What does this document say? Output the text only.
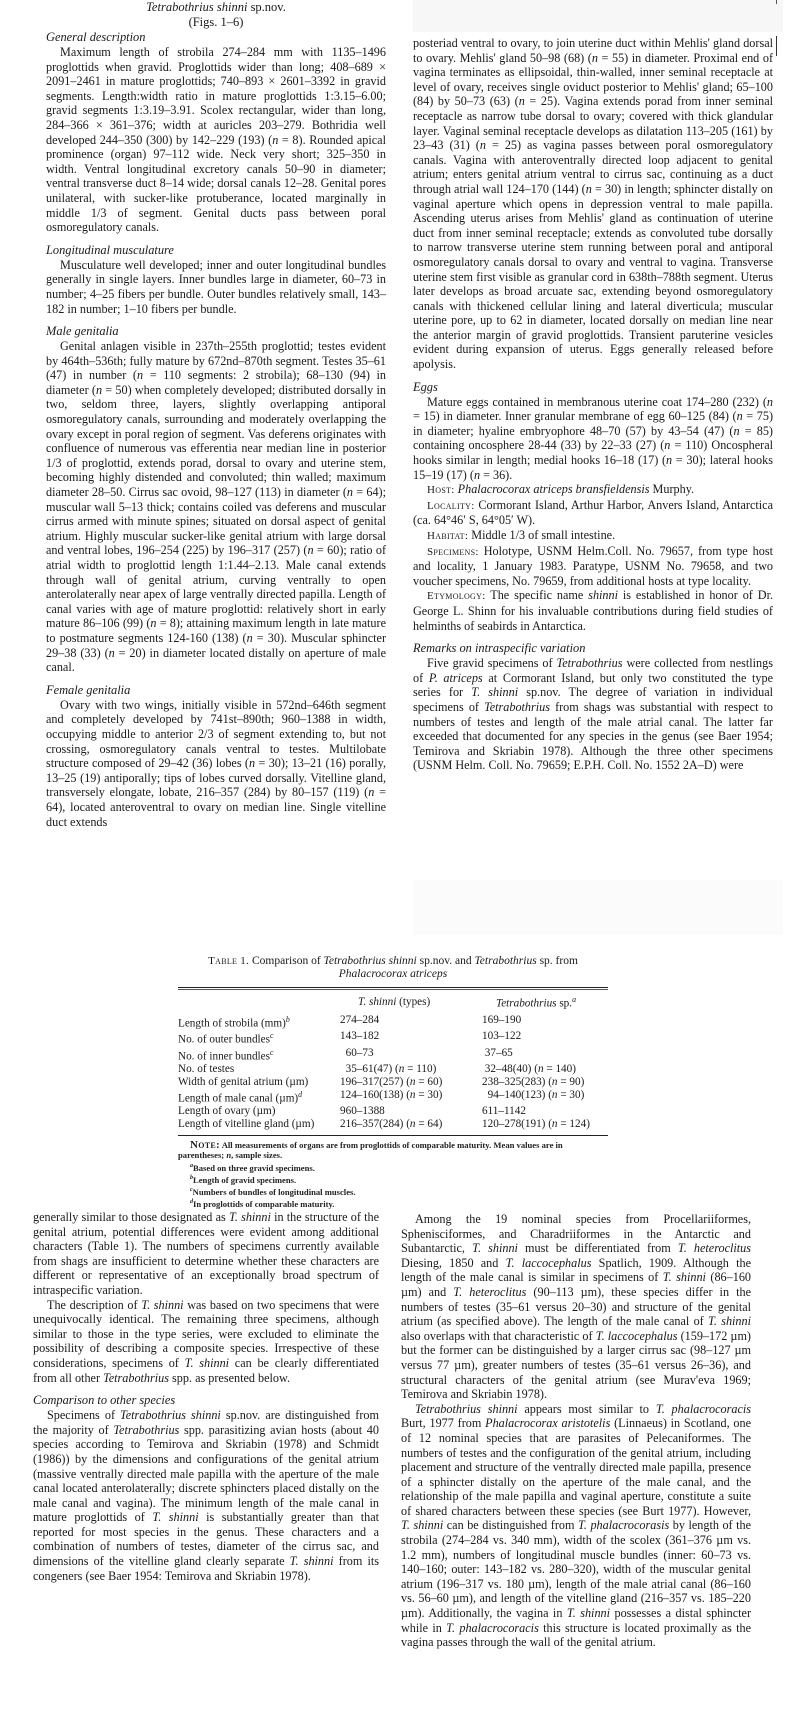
Tetrabothrius shinni sp.nov.
(Figs. 1–6)

General description

Maximum length of strobila 274–284 mm with 1135–1496 proglottids when gravid. Proglottids wider than long; 408–689 × 2091–2461 in mature proglottids; 740–893 × 2601–3392 in gravid segments. Length:width ratio in mature proglottids 1:3.15–6.00; gravid segments 1:3.19–3.91. Scolex rectangular, wider than long, 284–366 × 361–376; width at auricles 203–279. Bothridia well developed 244–350 (300) by 142–229 (193) (n = 8). Rounded apical prominence (organ) 97–112 wide. Neck very short; 325–350 in width. Ventral longitudinal excretory canals 50–90 in diameter; ventral transverse duct 8–14 wide; dorsal canals 12–28. Genital pores unilateral, with sucker-like protuberance, located marginally in middle 1/3 of segment. Genital ducts pass between poral osmoregulatory canals.

Longitudinal musculature

Musculature well developed; inner and outer longitudinal bundles generally in single layers. Inner bundles large in diameter, 60–73 in number; 4–25 fibers per bundle. Outer bundles relatively small, 143–182 in number; 1–10 fibers per bundle.

Male genitalia

Genital anlagen visible in 237th–255th proglottid; testes evident by 464th–536th; fully mature by 672nd–870th segment. Testes 35–61 (47) in number (n = 110 segments: 2 strobila); 68–130 (94) in diameter (n = 50) when completely developed; distributed dorsally in two, seldom three, layers, slightly overlapping antiporal osmoregulatory canals, surrounding and moderately overlapping the ovary except in poral region of segment. Vas deferens originates with confluence of numerous vas efferentia near median line in posterior 1/3 of proglottid, extends porad, dorsal to ovary and uterine stem, becoming highly distended and convoluted; thin walled; maximum diameter 28–50. Cirrus sac ovoid, 98–127 (113) in diameter (n = 64); muscular wall 5–13 thick; contains coiled vas deferens and muscular cirrus armed with minute spines; situated on dorsal aspect of genital atrium. Highly muscular sucker-like genital atrium with large dorsal and ventral lobes, 196–254 (225) by 196–317 (257) (n = 60); ratio of atrial width to proglottid length 1:1.44–2.13. Male canal extends through wall of genital atrium, curving ventrally to open anterolaterally near apex of large ventrally directed papilla. Length of canal varies with age of mature proglottid: relatively short in early mature 86–106 (99) (n = 8); attaining maximum length in late mature to postmature segments 124-160 (138) (n = 30). Muscular sphincter 29–38 (33) (n = 20) in diameter located distally on aperture of male canal.

Female genitalia

Ovary with two wings, initially visible in 572nd–646th segment and completely developed by 741st–890th; 960–1388 in width, occupying middle to anterior 2/3 of segment extending to, but not crossing, osmoregulatory canals ventral to testes. Multilobate structure composed of 29–42 (36) lobes (n = 30); 13–21 (16) porally, 13–25 (19) antiporally; tips of lobes curved dorsally. Vitelline gland, transversely elongate, lobate, 216–357 (284) by 80–157 (119) (n = 64), located anteroventral to ovary on median line. Single vitelline duct extends

posteriad ventral to ovary, to join uterine duct within Mehlis' gland dorsal to ovary. Mehlis' gland 50–98 (68) (n = 55) in diameter. Proximal end of vagina terminates as ellipsoidal, thin-walled, inner seminal receptacle at level of ovary, receives single oviduct posterior to Mehlis' gland; 65–100 (84) by 50–73 (63) (n = 25). Vagina extends porad from inner seminal receptacle as narrow tube dorsal to ovary; covered with thick glandular layer. Vaginal seminal receptacle develops as dilatation 113–205 (161) by 23–43 (31) (n = 25) as vagina passes between poral osmoregulatory canals. Vagina with anteroventrally directed loop adjacent to genital atrium; enters genital atrium ventral to cirrus sac, continuing as a duct through atrial wall 124–170 (144) (n = 30) in length; sphincter distally on vaginal aperture which opens in depression ventral to male papilla. Ascending uterus arises from Mehlis' gland as continuation of uterine duct from inner seminal receptacle; extends as convoluted tube dorsally to narrow transverse uterine stem running between poral and antiporal osmoregulatory canals dorsal to ovary and ventral to vagina. Transverse uterine stem first visible as granular cord in 638th–788th segment. Uterus later develops as broad arcuate sac, extending beyond osmoregulatory canals with thickened cellular lining and lateral diverticula; muscular uterine pore, up to 62 in diameter, located dorsally on median line near the anterior margin of gravid proglottids. Transient paruterine vesicles evident during expansion of uterus. Eggs generally released before apolysis.

Eggs

Mature eggs contained in membranous uterine coat 174–280 (232) (n = 15) in diameter. Inner granular membrane of egg 60–125 (84) (n = 75) in diameter; hyaline embryophore 48–70 (57) by 43–54 (47) (n = 85) containing oncosphere 28-44 (33) by 22–33 (27) (n = 110) Oncospheral hooks similar in length; medial hooks 16–18 (17) (n = 30); lateral hooks 15–19 (17) (n = 36).

Host: Phalacrocorax atriceps bransfieldensis Murphy.

Locality: Cormorant Island, Arthur Harbor, Anvers Island, Antarctica (ca. 64°46′ S, 64°05′ W).

Habitat: Middle 1/3 of small intestine.

Specimens: Holotype, USNM Helm.Coll. No. 79657, from type host and locality, 1 January 1983. Paratype, USNM No. 79658, and two voucher specimens, No. 79659, from additional hosts at type locality.

Etymology: The specific name shinni is established in honor of Dr. George L. Shinn for his invaluable contributions during field studies of helminths of seabirds in Antarctica.

Remarks on intraspecific variation

Five gravid specimens of Tetrabothrius were collected from nestlings of P. atriceps at Cormorant Island, but only two constituted the type series for T. shinni sp.nov. The degree of variation in individual specimens of Tetrabothrius from shags was substantial with respect to numbers of testes and length of the male atrial canal. The latter far exceeded that documented for any species in the genus (see Baer 1954; Temirova and Skriabin 1978). Although the three other specimens (USNM Helm. Coll. No. 79659; E.P.H. Coll. No. 1552 2A–D) were

Table 1. Comparison of Tetrabothrius shinni sp.nov. and Tetrabothrius sp. from
Phalacrocorax atriceps
	T. shinni (types)	Tetrabothrius sp.$^a$
Length of strobila (mm)$^b$	274–284	169–190
No. of outer bundles$^c$	143–182	103–122
No. of inner bundles$^c$	60–73	37–65
No. of testes	35–61(47) (n = 110)	32–48(40) (n = 140)
Width of genital atrium (µm)	196–317(257) (n = 60)	238–325(283) (n = 90)
Length of male canal $(\mu m)^d$	124–160(138) (n = 30)	94–140(123) (n = 30)
Length of ovary (µm)	960–1388	611–1142
Length of vitelline gland (µm)	216–357(284) (n = 64)	120–278(191) (n = 124)
Note: All measurements of organs are from proglottids of comparable maturity. Mean values are in parentheses; n, sample sizes.
$^a$Based on three gravid specimens.
$^b$Length of gravid specimens.
$^c$Numbers of bundles of longitudinal muscles.
$^d$In proglottids of comparable maturity.

generally similar to those designated as T. shinni in the structure of the genital atrium, potential differences were evident among additional characters (Table 1). The numbers of specimens currently available from shags are insufficient to determine whether these characters are different or representative of an exceptionally broad spectrum of intraspecific variation.

The description of T. shinni was based on two specimens that were unequivocally identical. The remaining three specimens, although similar to those in the type series, were excluded to eliminate the possibility of describing a composite species. Irrespective of these considerations, specimens of T. shinni can be clearly differentiated from all other Tetrabothrius spp. as presented below.

Comparison to other species

Specimens of Tetrabothrius shinni sp.nov. are distinguished from the majority of Tetrabothrius spp. parasitizing avian hosts (about 40 species according to Temirova and Skriabin (1978) and Schmidt (1986)) by the dimensions and configurations of the genital atrium (massive ventrally directed male papilla with the aperture of the male canal located anterolaterally; discrete sphincters placed distally on the male canal and vagina). The minimum length of the male canal in mature proglottids of T. shinni is substantially greater than that reported for most species in the genus. These characters and a combination of numbers of testes, diameter of the cirrus sac, and dimensions of the vitelline gland clearly separate T. shinni from its congeners (see Baer 1954: Temirova and Skriabin 1978).

Among the 19 nominal species from Procellariiformes, Sphenisciformes, and Charadriiformes in the Antarctic and Subantarctic, T. shinni must be differentiated from T. heteroclitus Diesing, 1850 and T. laccocephalus Spatlich, 1909. Although the length of the male canal is similar in specimens of T. shinni (86–160 µm) and T. heteroclitus (90–113 µm), these species differ in the numbers of testes (35–61 versus 20–30) and structure of the genital atrium (as specified above). The length of the male canal of T. shinni also overlaps with that characteristic of T. laccocephalus (159–172 µm) but the former can be distinguished by a larger cirrus sac (98–127 µm versus 77 µm), greater numbers of testes (35–61 versus 26–36), and structural characters of the genital atrium (see Murav'eva 1969; Temirova and Skriabin 1978).

Tetrabothrius shinni appears most similar to T. phalacrocoracis Burt, 1977 from Phalacrocorax aristotelis (Linnaeus) in Scotland, one of 12 nominal species that are parasites of Pelecaniformes. The numbers of testes and the configuration of the genital atrium, including placement and structure of the ventrally directed male papilla, presence of a sphincter distally on the aperture of the male canal, and the relationship of the male papilla and vaginal aperture, constitute a suite of shared characters between these species (see Burt 1977). However, T. shinni can be distinguished from T. phalacrocorasis by length of the strobila (274–284 vs. 340 mm), width of the scolex (361–376 µm vs. 1.2 mm), numbers of longitudinal muscle bundles (inner: 60–73 vs. 140–160; outer: 143–182 vs. 280–320), width of the muscular genital atrium (196–317 vs. 180 µm), length of the male atrial canal (86–160 vs. 56–60 µm), and length of the vitelline gland (216–357 vs. 185–220 µm). Additionally, the vagina in T. shinni possesses a distal sphincter while in T. phalacrocoracis this structure is located proximally as the vagina passes through the wall of the genital atrium.
